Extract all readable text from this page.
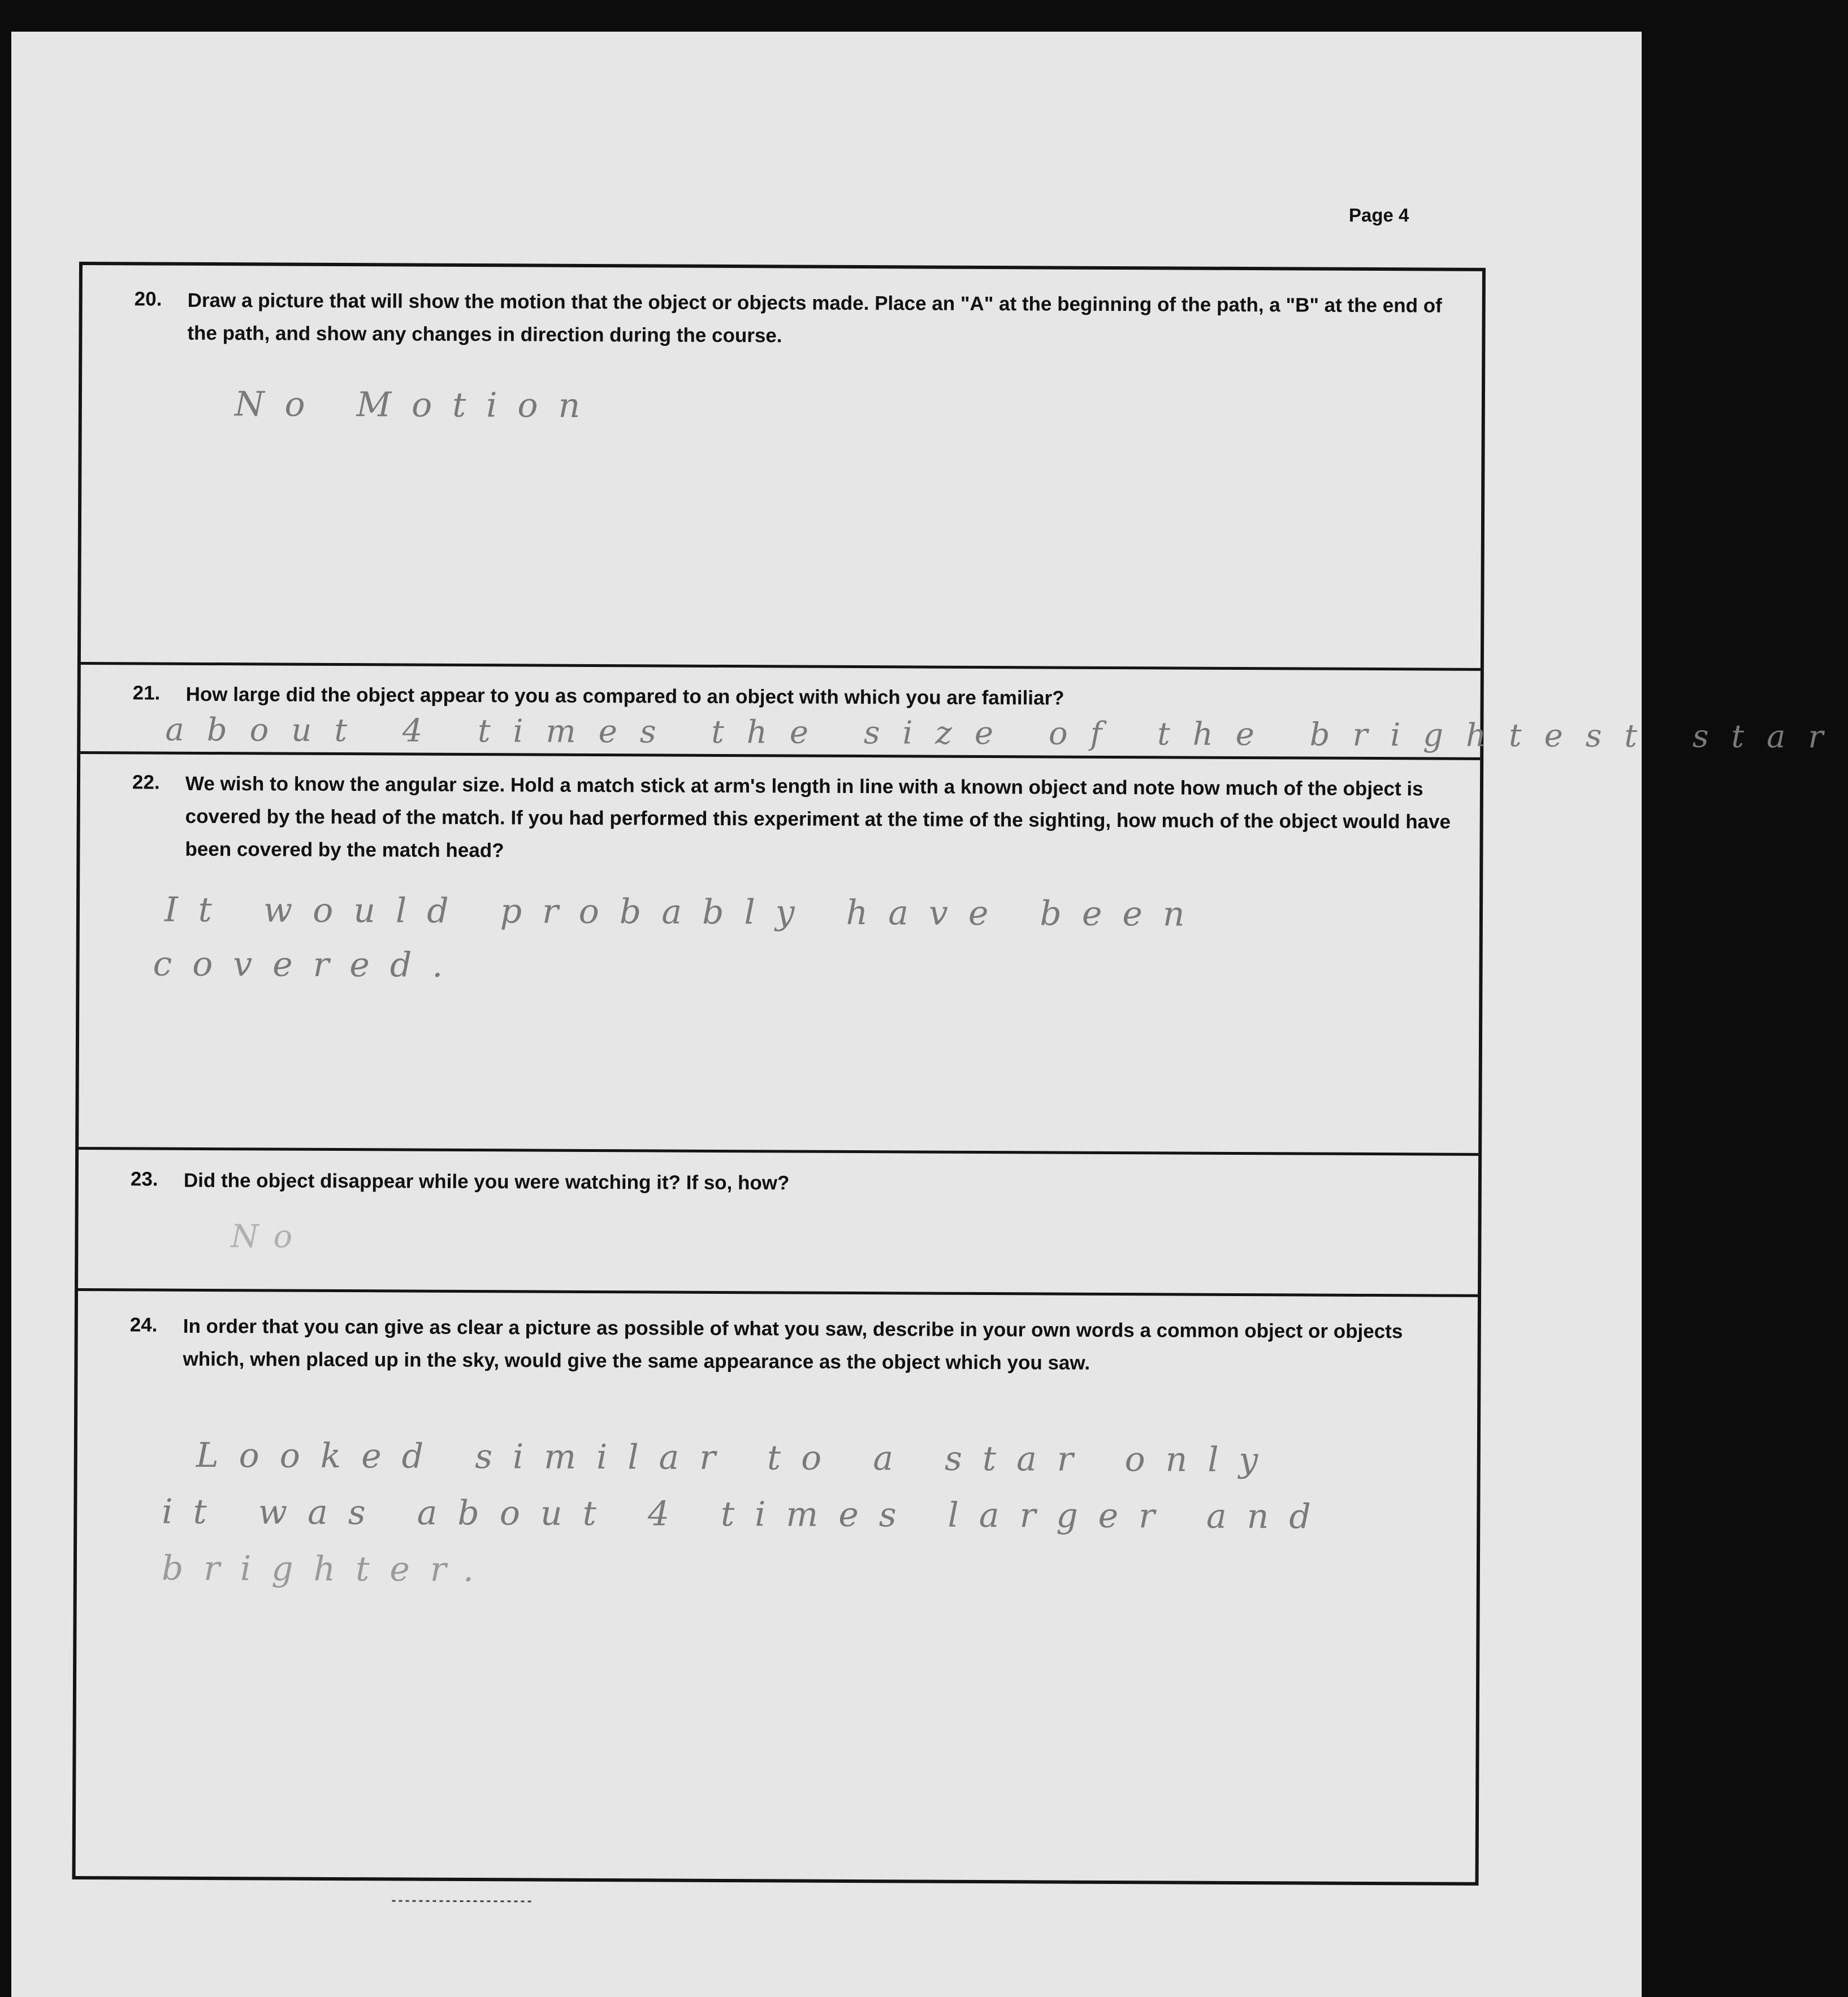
Page 4
20. Draw a picture that will show the motion that the object or objects made. Place an "A" at the beginning of the path, a "B" at the end of the path, and show any changes in direction during the course.
No Motion
21. How large did the object appear to you as compared to an object with which you are familiar?
about 4 times the size of the brightest star
22. We wish to know the angular size. Hold a match stick at arm's length in line with a known object and note how much of the object is covered by the head of the match. If you had performed this experiment at the time of the sighting, how much of the object would have been covered by the match head?
It would probably have been
covered.
23. Did the object disappear while you were watching it? If so, how?
No
24. In order that you can give as clear a picture as possible of what you saw, describe in your own words a common object or objects which, when placed up in the sky, would give the same appearance as the object which you saw.
Looked similar to a star only
it was about 4 times larger and
brighter.
